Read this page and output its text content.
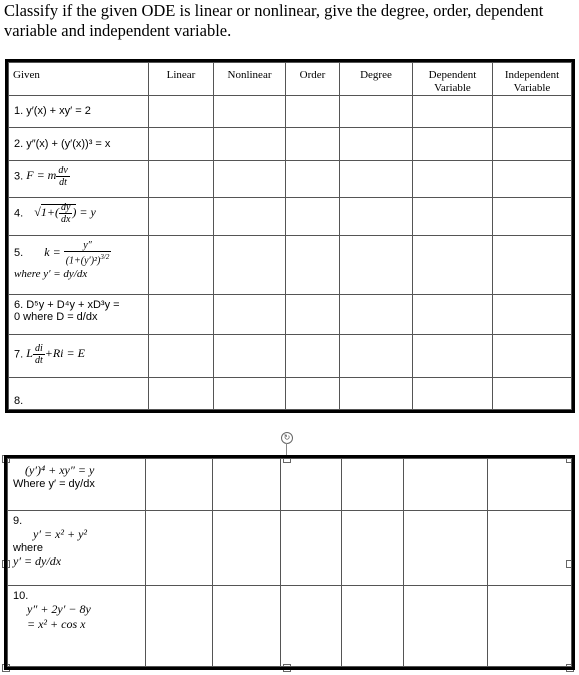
Classify if the given ODE is linear or nonlinear, give the degree, order, dependent variable and independent variable.
Given	Linear	Nonlinear	Order	Degree	Dependent Variable	Independent Variable
1. y′(x) + xy′ = 2						
2. y″(x) + (y′(x))³ = x						
3. F = m $\frac{dv}{dt}$

4. $√1+( \frac{dy}{dx}$ ) = y						

5. $k = \frac{y''}{(1+(y')^2)^{3/2}}$
where y′ = dy/dx						

6. D⁵y + D⁴y + xD³y =
0 where D = d/dx						

7. L $\frac{di}{dt} +Ri = E$						
8.						
↻
(y′)⁴ + xy″ = y
Where y′ = dy/dx						

9.
y′ = x² + y²
where
y′ = dy/dx						

10.
y″ + 2y′ − 8y
= x² + cos x						
